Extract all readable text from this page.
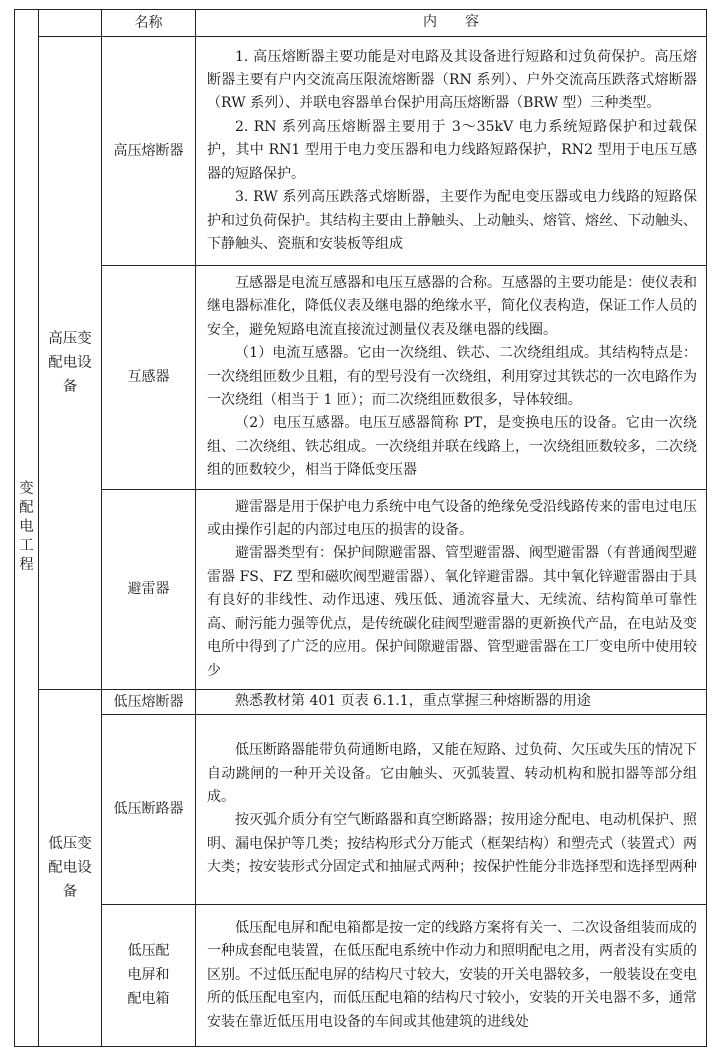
变配电工程		名称	内　　容
	高压变配电设备	高压熔断器	1. 高压熔断器主要功能是对电路及其设备进行短路和过负荷保护。高压熔断器主要有户内交流高压限流熔断器（RN 系列）、户外交流高压跌落式熔断器（RW 系列）、并联电容器单台保护用高压熔断器（BRW 型）三种类型。

2. RN 系列高压熔断器主要用于 3～35kV 电力系统短路保护和过载保护，其中 RN1 型用于电力变压器和电力线路短路保护，RN2 型用于电压互感器的短路保护。

3. RW 系列高压跌落式熔断器，主要作为配电变压器或电力线路的短路保护和过负荷保护。其结构主要由上静触头、上动触头、熔管、熔丝、下动触头、下静触头、瓷瓶和安装板等组成

		互感器	互感器是电流互感器和电压互感器的合称。互感器的主要功能是：使仪表和继电器标准化，降低仪表及继电器的绝缘水平，简化仪表构造，保证工作人员的安全，避免短路电流直接流过测量仪表及继电器的线圈。

（1）电流互感器。它由一次绕组、铁芯、二次绕组组成。其结构特点是：一次绕组匝数少且粗，有的型号没有一次绕组，利用穿过其铁芯的一次电路作为一次绕组（相当于 1 匝）；而二次绕组匝数很多，导体较细。

（2）电压互感器。电压互感器简称 PT，是变换电压的设备。它由一次绕组、二次绕组、铁芯组成。一次绕组并联在线路上，一次绕组匝数较多，二次绕组的匝数较少，相当于降低变压器

		避雷器	避雷器是用于保护电力系统中电气设备的绝缘免受沿线路传来的雷电过电压或由操作引起的内部过电压的损害的设备。

避雷器类型有：保护间隙避雷器、管型避雷器、阀型避雷器（有普通阀型避雷器 FS、FZ 型和磁吹阀型避雷器）、氧化锌避雷器。其中氧化锌避雷器由于具有良好的非线性、动作迅速、残压低、通流容量大、无续流、结构简单可靠性高、耐污能力强等优点，是传统碳化硅阀型避雷器的更新换代产品，在电站及变电所中得到了广泛的应用。保护间隙避雷器、管型避雷器在工厂变电所中使用较少

	低压变配电设备	低压熔断器	熟悉教材第 401 页表 6.1.1，重点掌握三种熔断器的用途

		低压断路器	低压断路器能带负荷通断电路，又能在短路、过负荷、欠压或失压的情况下自动跳闸的一种开关设备。它由触头、灭弧装置、转动机构和脱扣器等部分组成。

按灭弧介质分有空气断路器和真空断路器；按用途分配电、电动机保护、照明、漏电保护等几类；按结构形式分万能式（框架结构）和塑壳式（装置式）两大类；按安装形式分固定式和抽屉式两种；按保护性能分非选择型和选择型两种

		低压配电屏和配电箱	低压配电屏和配电箱都是按一定的线路方案将有关一、二次设备组装而成的一种成套配电装置，在低压配电系统中作动力和照明配电之用，两者没有实质的区别。不过低压配电屏的结构尺寸较大，安装的开关电器较多，一般装设在变电所的低压配电室内，而低压配电箱的结构尺寸较小，安装的开关电器不多，通常安装在靠近低压用电设备的车间或其他建筑的进线处
